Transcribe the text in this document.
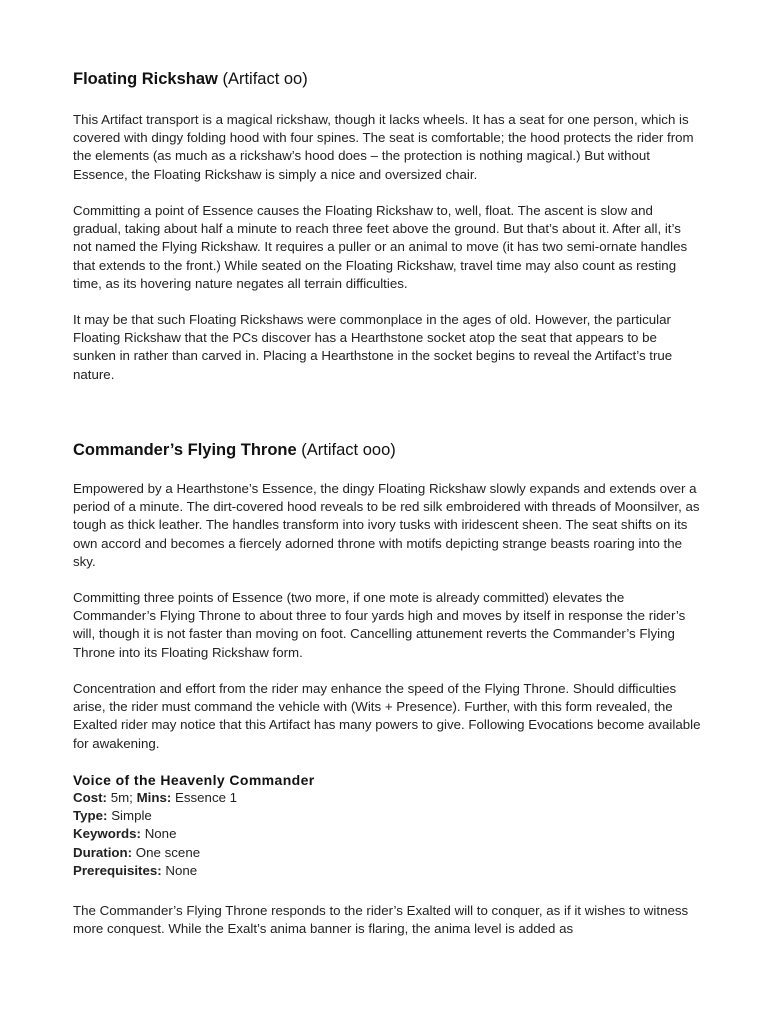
Floating Rickshaw (Artifact oo)

This Artifact transport is a magical rickshaw, though it lacks wheels. It has a seat for one person, which is covered with dingy folding hood with four spines. The seat is comfortable; the hood protects the rider from the elements (as much as a rickshaw’s hood does – the protection is nothing magical.) But without Essence, the Floating Rickshaw is simply a nice and oversized chair.

Committing a point of Essence causes the Floating Rickshaw to, well, float. The ascent is slow and gradual, taking about half a minute to reach three feet above the ground. But that’s about it. After all, it’s not named the Flying Rickshaw. It requires a puller or an animal to move (it has two semi-ornate handles that extends to the front.) While seated on the Floating Rickshaw, travel time may also count as resting time, as its hovering nature negates all terrain difficulties.

It may be that such Floating Rickshaws were commonplace in the ages of old. However, the particular Floating Rickshaw that the PCs discover has a Hearthstone socket atop the seat that appears to be sunken in rather than carved in. Placing a Hearthstone in the socket begins to reveal the Artifact’s true nature.

Commander’s Flying Throne (Artifact ooo)

Empowered by a Hearthstone’s Essence, the dingy Floating Rickshaw slowly expands and extends over a period of a minute. The dirt-covered hood reveals to be red silk embroidered with threads of Moonsilver, as tough as thick leather. The handles transform into ivory tusks with iridescent sheen. The seat shifts on its own accord and becomes a fiercely adorned throne with motifs depicting strange beasts roaring into the sky.

Committing three points of Essence (two more, if one mote is already committed) elevates the Commander’s Flying Throne to about three to four yards high and moves by itself in response the rider’s will, though it is not faster than moving on foot. Cancelling attunement reverts the Commander’s Flying Throne into its Floating Rickshaw form.

Concentration and effort from the rider may enhance the speed of the Flying Throne. Should difficulties arise, the rider must command the vehicle with (Wits + Presence). Further, with this form revealed, the Exalted rider may notice that this Artifact has many powers to give. Following Evocations become available for awakening.

Voice of the Heavenly Commander
Cost: 5m; Mins: Essence 1
Type: Simple
Keywords: None
Duration: One scene
Prerequisites: None

The Commander’s Flying Throne responds to the rider’s Exalted will to conquer, as if it wishes to witness more conquest. While the Exalt’s anima banner is flaring, the anima level is added as
